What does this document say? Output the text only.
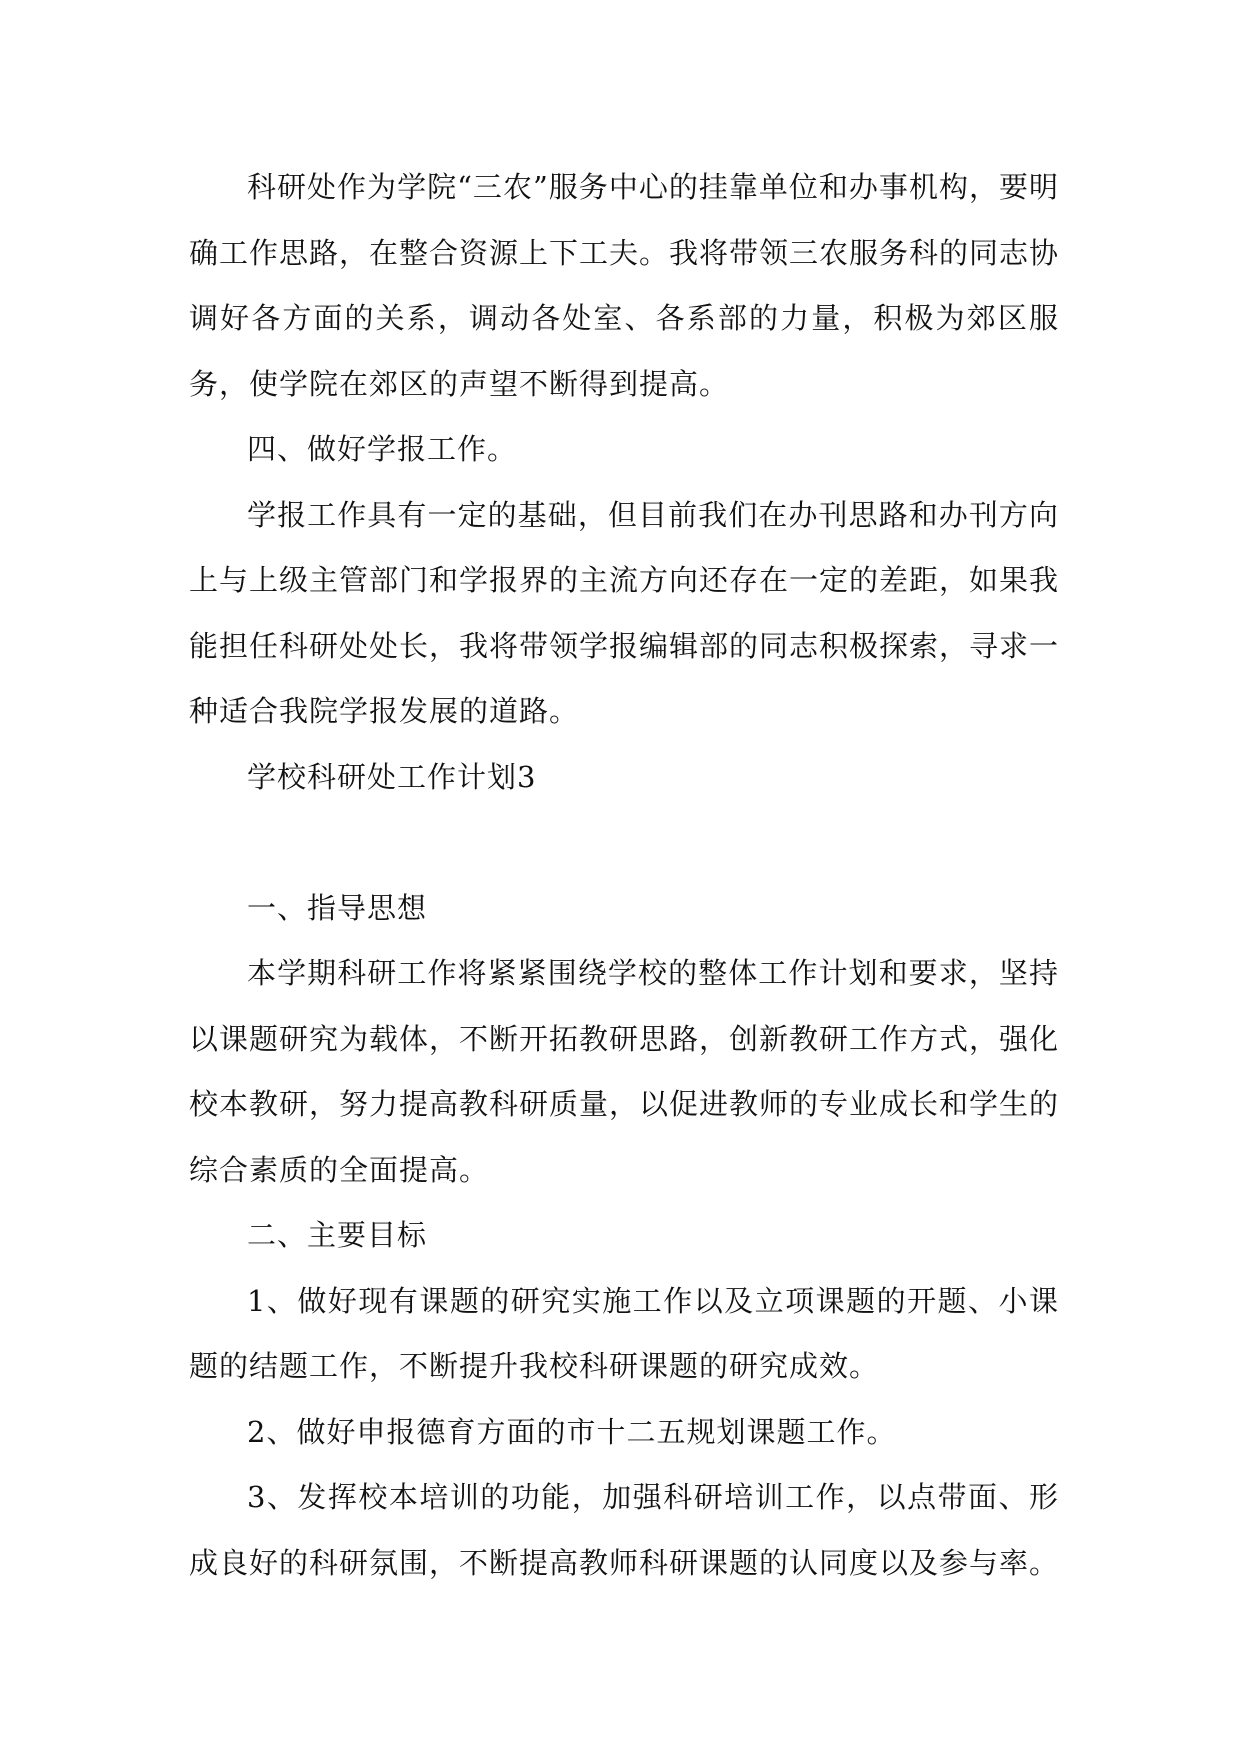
科研处作为学院“三农”服务中心的挂靠单位和办事机构，要明确工作思路，在整合资源上下工夫。我将带领三农服务科的同志协调好各方面的关系，调动各处室、各系部的力量，积极为郊区服务，使学院在郊区的声望不断得到提高。

四、做好学报工作。

学报工作具有一定的基础，但目前我们在办刊思路和办刊方向上与上级主管部门和学报界的主流方向还存在一定的差距，如果我能担任科研处处长，我将带领学报编辑部的同志积极探索，寻求一种适合我院学报发展的道路。

学校科研处工作计划3

一、指导思想

本学期科研工作将紧紧围绕学校的整体工作计划和要求，坚持以课题研究为载体，不断开拓教研思路，创新教研工作方式，强化校本教研，努力提高教科研质量，以促进教师的专业成长和学生的综合素质的全面提高。

二、主要目标

1、做好现有课题的研究实施工作以及立项课题的开题、小课题的结题工作，不断提升我校科研课题的研究成效。

2、做好申报德育方面的市十二五规划课题工作。

3、发挥校本培训的功能，加强科研培训工作，以点带面、形成良好的科研氛围，不断提高教师科研课题的认同度以及参与率。
